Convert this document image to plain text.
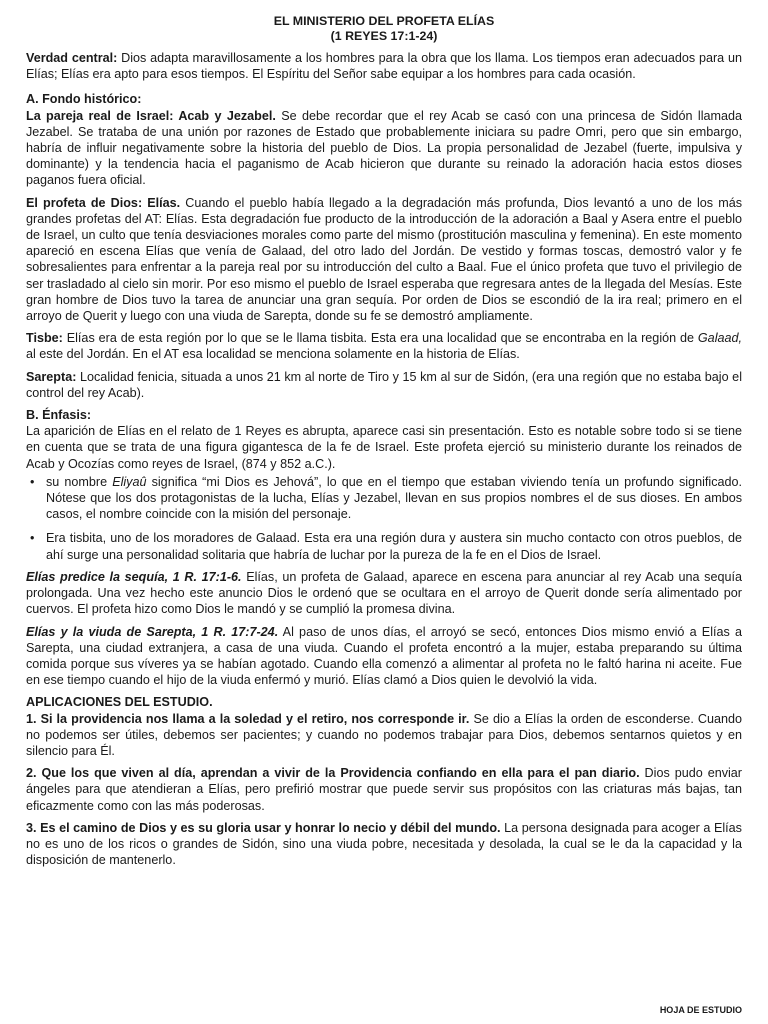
EL MINISTERIO DEL PROFETA ELÍAS
(1 REYES 17:1-24)

Verdad central: Dios adapta maravillosamente a los hombres para la obra que los llama. Los tiempos eran adecuados para un Elías; Elías era apto para esos tiempos. El Espíritu del Señor sabe equipar a los hombres para cada ocasión.

A. Fondo histórico:

La pareja real de Israel: Acab y Jezabel. Se debe recordar que el rey Acab se casó con una princesa de Sidón llamada Jezabel. Se trataba de una unión por razones de Estado que probablemente iniciara su padre Omri, pero que sin embargo, habría de influir negativamente sobre la historia del pueblo de Dios. La propia personalidad de Jezabel (fuerte, impulsiva y dominante) y la tendencia hacia el paganismo de Acab hicieron que durante su reinado la adoración hacia estos dioses paganos fuera oficial.

El profeta de Dios: Elías. Cuando el pueblo había llegado a la degradación más profunda, Dios levantó a uno de los más grandes profetas del AT: Elías. Esta degradación fue producto de la introducción de la adoración a Baal y Asera entre el pueblo de Israel, un culto que tenía desviaciones morales como parte del mismo (prostitución masculina y femenina). En este momento apareció en escena Elías que venía de Galaad, del otro lado del Jordán. De vestido y formas toscas, demostró valor y fe sobresalientes para enfrentar a la pareja real por su introducción del culto a Baal. Fue el único profeta que tuvo el privilegio de ser trasladado al cielo sin morir. Por eso mismo el pueblo de Israel esperaba que regresara antes de la llegada del Mesías. Este gran hombre de Dios tuvo la tarea de anunciar una gran sequía. Por orden de Dios se escondió de la ira real; primero en el arroyo de Querit y luego con una viuda de Sarepta, donde su fe se demostró ampliamente.

Tisbe: Elías era de esta región por lo que se le llama tisbita. Esta era una localidad que se encontraba en la región de Galaad, al este del Jordán. En el AT esa localidad se menciona solamente en la historia de Elías.

Sarepta: Localidad fenicia, situada a unos 21 km al norte de Tiro y 15 km al sur de Sidón, (era una región que no estaba bajo el control del rey Acab).

B. Énfasis:

La aparición de Elías en el relato de 1 Reyes es abrupta, aparece casi sin presentación. Esto es notable sobre todo si se tiene en cuenta que se trata de una figura gigantesca de la fe de Israel. Este profeta ejerció su ministerio durante los reinados de Acab y Ocozías como reyes de Israel, (874 y 852 a.C.).

• su nombre Eliyaû significa “mi Dios es Jehová”, lo que en el tiempo que estaban viviendo tenía un profundo significado. Nótese que los dos protagonistas de la lucha, Elías y Jezabel, llevan en sus propios nombres el de sus dioses. En ambos casos, el nombre coincide con la misión del personaje.
• Era tisbita, uno de los moradores de Galaad. Esta era una región dura y austera sin mucho contacto con otros pueblos, de ahí surge una personalidad solitaria que habría de luchar por la pureza de la fe en el Dios de Israel.

Elías predice la sequía, 1 R. 17:1-6. Elías, un profeta de Galaad, aparece en escena para anunciar al rey Acab una sequía prolongada. Una vez hecho este anuncio Dios le ordenó que se ocultara en el arroyo de Querit donde sería alimentado por cuervos. El profeta hizo como Dios le mandó y se cumplió la promesa divina.

Elías y la viuda de Sarepta, 1 R. 17:7-24. Al paso de unos días, el arroyó se secó, entonces Dios mismo envió a Elías a Sarepta, una ciudad extranjera, a casa de una viuda. Cuando el profeta encontró a la mujer, estaba preparando su última comida porque sus víveres ya se habían agotado. Cuando ella comenzó a alimentar al profeta no le faltó harina ni aceite. Fue en ese tiempo cuando el hijo de la viuda enfermó y murió. Elías clamó a Dios quien le devolvió la vida.

APLICACIONES DEL ESTUDIO.

1. Si la providencia nos llama a la soledad y el retiro, nos corresponde ir. Se dio a Elías la orden de esconderse. Cuando no podemos ser útiles, debemos ser pacientes; y cuando no podemos trabajar para Dios, debemos sentarnos quietos y en silencio para Él.

2. Que los que viven al día, aprendan a vivir de la Providencia confiando en ella para el pan diario. Dios pudo enviar ángeles para que atendieran a Elías, pero prefirió mostrar que puede servir sus propósitos con las criaturas más bajas, tan eficazmente como con las más poderosas.

3. Es el camino de Dios y es su gloria usar y honrar lo necio y débil del mundo. La persona designada para acoger a Elías no es uno de los ricos o grandes de Sidón, sino una viuda pobre, necesitada y desolada, la cual se le da la capacidad y la disposición de mantenerlo.

HOJA DE ESTUDIO
